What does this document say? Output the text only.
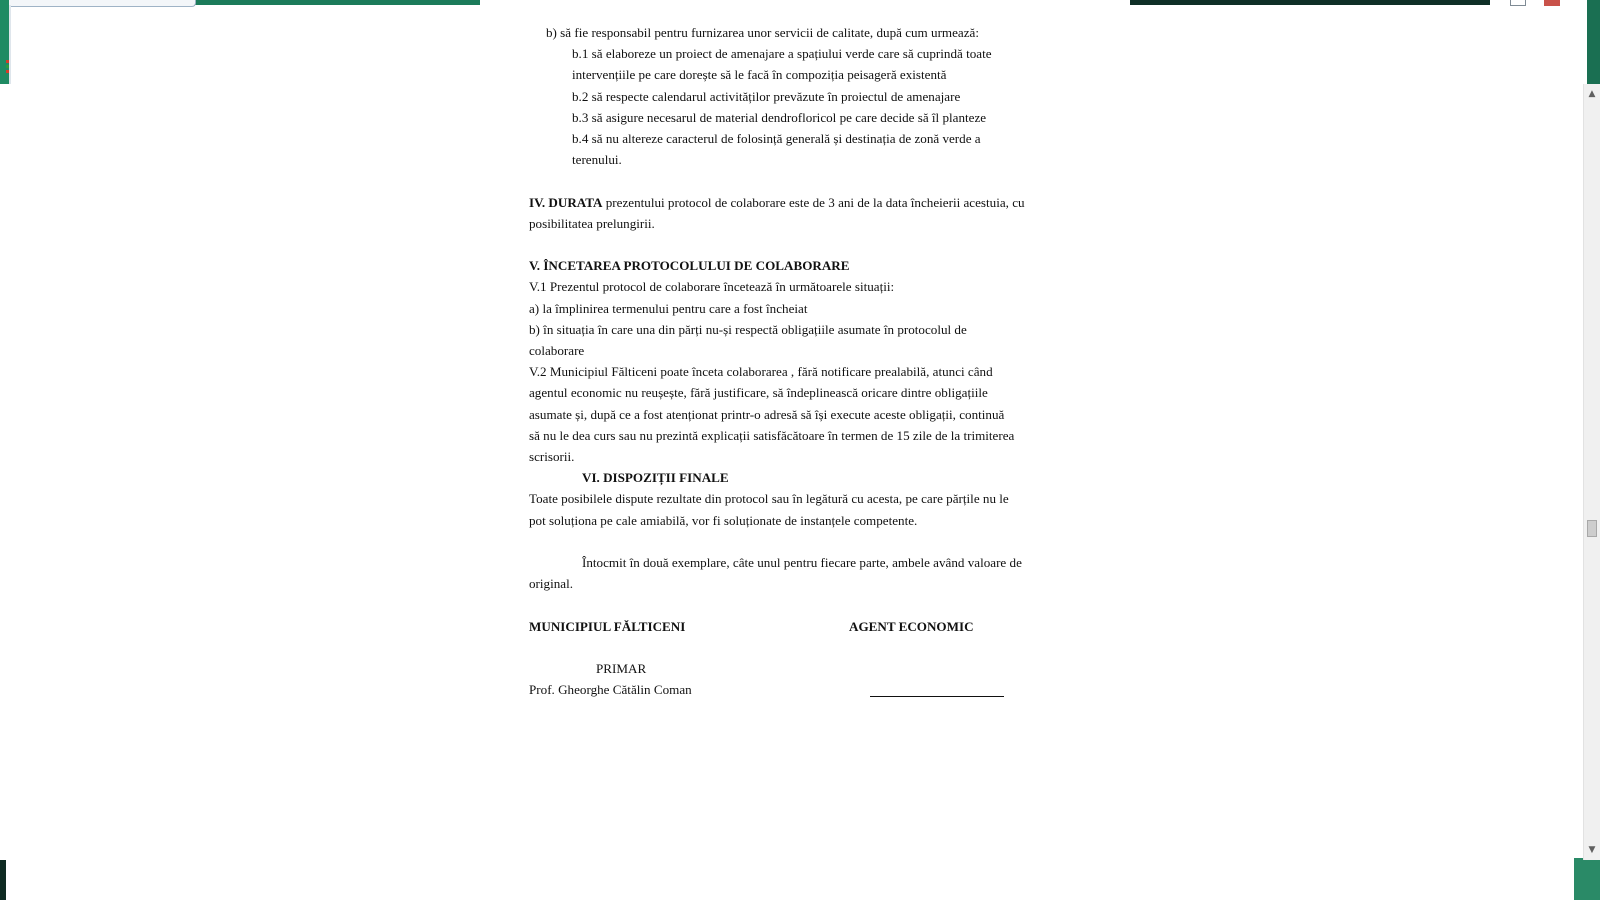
▲
▼

b) să fie responsabil pentru furnizarea unor servicii de calitate, după cum urmează:

b.1 să elaboreze un proiect de amenajare a spațiului verde care să cuprindă toate

intervențiile pe care dorește să le facă în compoziția peisageră existentă

b.2 să respecte calendarul activităților prevăzute în proiectul de amenajare

b.3 să asigure necesarul de material dendrofloricol pe care decide să îl planteze

b.4 să nu altereze caracterul de folosință generală și destinația de zonă verde a

terenului.

IV. DURATA prezentului protocol de colaborare este de 3 ani de la data încheierii acestuia, cu

posibilitatea prelungirii.

V. ÎNCETAREA PROTOCOLULUI DE COLABORARE

V.1 Prezentul protocol de colaborare încetează în următoarele situații:

a) la împlinirea termenului pentru care a fost încheiat

b) în situația în care una din părți nu-și respectă obligațiile asumate în protocolul de

colaborare

V.2 Municipiul Fălticeni poate înceta colaborarea , fără notificare prealabilă, atunci când

agentul economic nu reușește, fără justificare, să îndeplinească oricare dintre obligațiile

asumate și, după ce a fost atenționat printr-o adresă să își execute aceste obligații, continuă

să nu le dea curs sau nu prezintă explicații satisfăcătoare în termen de 15 zile de la trimiterea

scrisorii.

VI. DISPOZIȚII FINALE

Toate posibilele dispute rezultate din protocol sau în legătură cu acesta, pe care părțile nu le

pot soluționa pe cale amiabilă, vor fi soluționate de instanțele competente.

Întocmit în două exemplare, câte unul pentru fiecare parte, ambele având valoare de

original.

MUNICIPIUL FĂLTICENI	AGENT ECONOMIC

PRIMAR

Prof. Gheorghe Cătălin Coman
